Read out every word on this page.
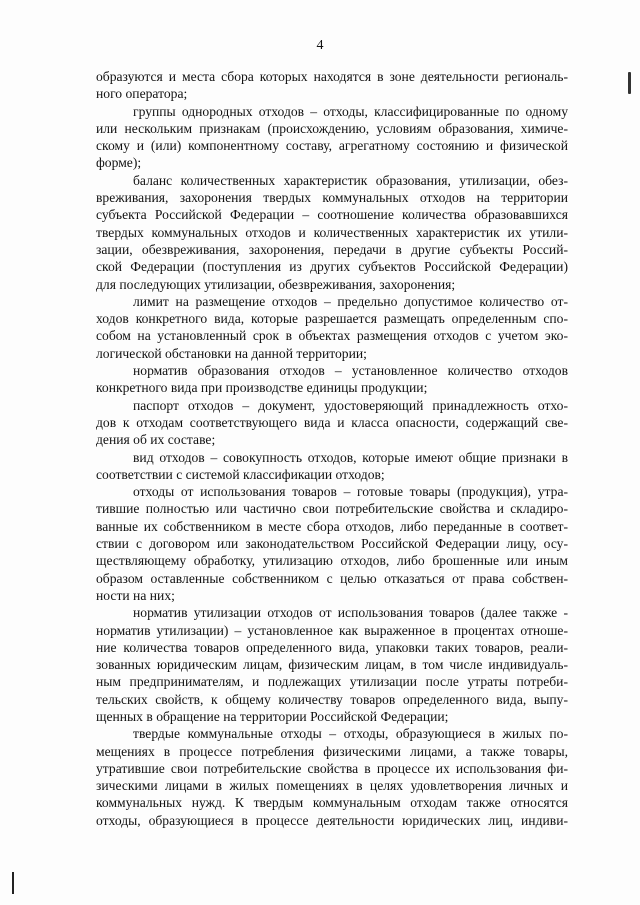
4
образуются и места сбора которых находятся в зоне деятельности региональ-
ного оператора;
группы однородных отходов – отходы, классифицированные по одному
или нескольким признакам (происхождению, условиям образования, химиче-
скому и (или) компонентному составу, агрегатному состоянию и физической
форме);
баланс количественных характеристик образования, утилизации, обез-
вреживания, захоронения твердых коммунальных отходов на территории
субъекта Российской Федерации – соотношение количества образовавшихся
твердых коммунальных отходов и количественных характеристик их утили-
зации, обезвреживания, захоронения, передачи в другие субъекты Россий-
ской Федерации (поступления из других субъектов Российской Федерации)
для последующих утилизации, обезвреживания, захоронения;
лимит на размещение отходов – предельно допустимое количество от-
ходов конкретного вида, которые разрешается размещать определенным спо-
собом на установленный срок в объектах размещения отходов с учетом эко-
логической обстановки на данной территории;
норматив образования отходов – установленное количество отходов
конкретного вида при производстве единицы продукции;
паспорт отходов – документ, удостоверяющий принадлежность отхо-
дов к отходам соответствующего вида и класса опасности, содержащий све-
дения об их составе;
вид отходов – совокупность отходов, которые имеют общие признаки в
соответствии с системой классификации отходов;
отходы от использования товаров – готовые товары (продукция), утра-
тившие полностью или частично свои потребительские свойства и складиро-
ванные их собственником в месте сбора отходов, либо переданные в соответ-
ствии с договором или законодательством Российской Федерации лицу, осу-
ществляющему обработку, утилизацию отходов, либо брошенные или иным
образом оставленные собственником с целью отказаться от права собствен-
ности на них;
норматив утилизации отходов от использования товаров (далее также -
норматив утилизации) – установленное как выраженное в процентах отноше-
ние количества товаров определенного вида, упаковки таких товаров, реали-
зованных юридическим лицам, физическим лицам, в том числе индивидуаль-
ным предпринимателям, и подлежащих утилизации после утраты потреби-
тельских свойств, к общему количеству товаров определенного вида, выпу-
щенных в обращение на территории Российской Федерации;
твердые коммунальные отходы – отходы, образующиеся в жилых по-
мещениях в процессе потребления физическими лицами, а также товары,
утратившие свои потребительские свойства в процессе их использования фи-
зическими лицами в жилых помещениях в целях удовлетворения личных и
коммунальных нужд. К твердым коммунальным отходам также относятся
отходы, образующиеся в процессе деятельности юридических лиц, индиви-
